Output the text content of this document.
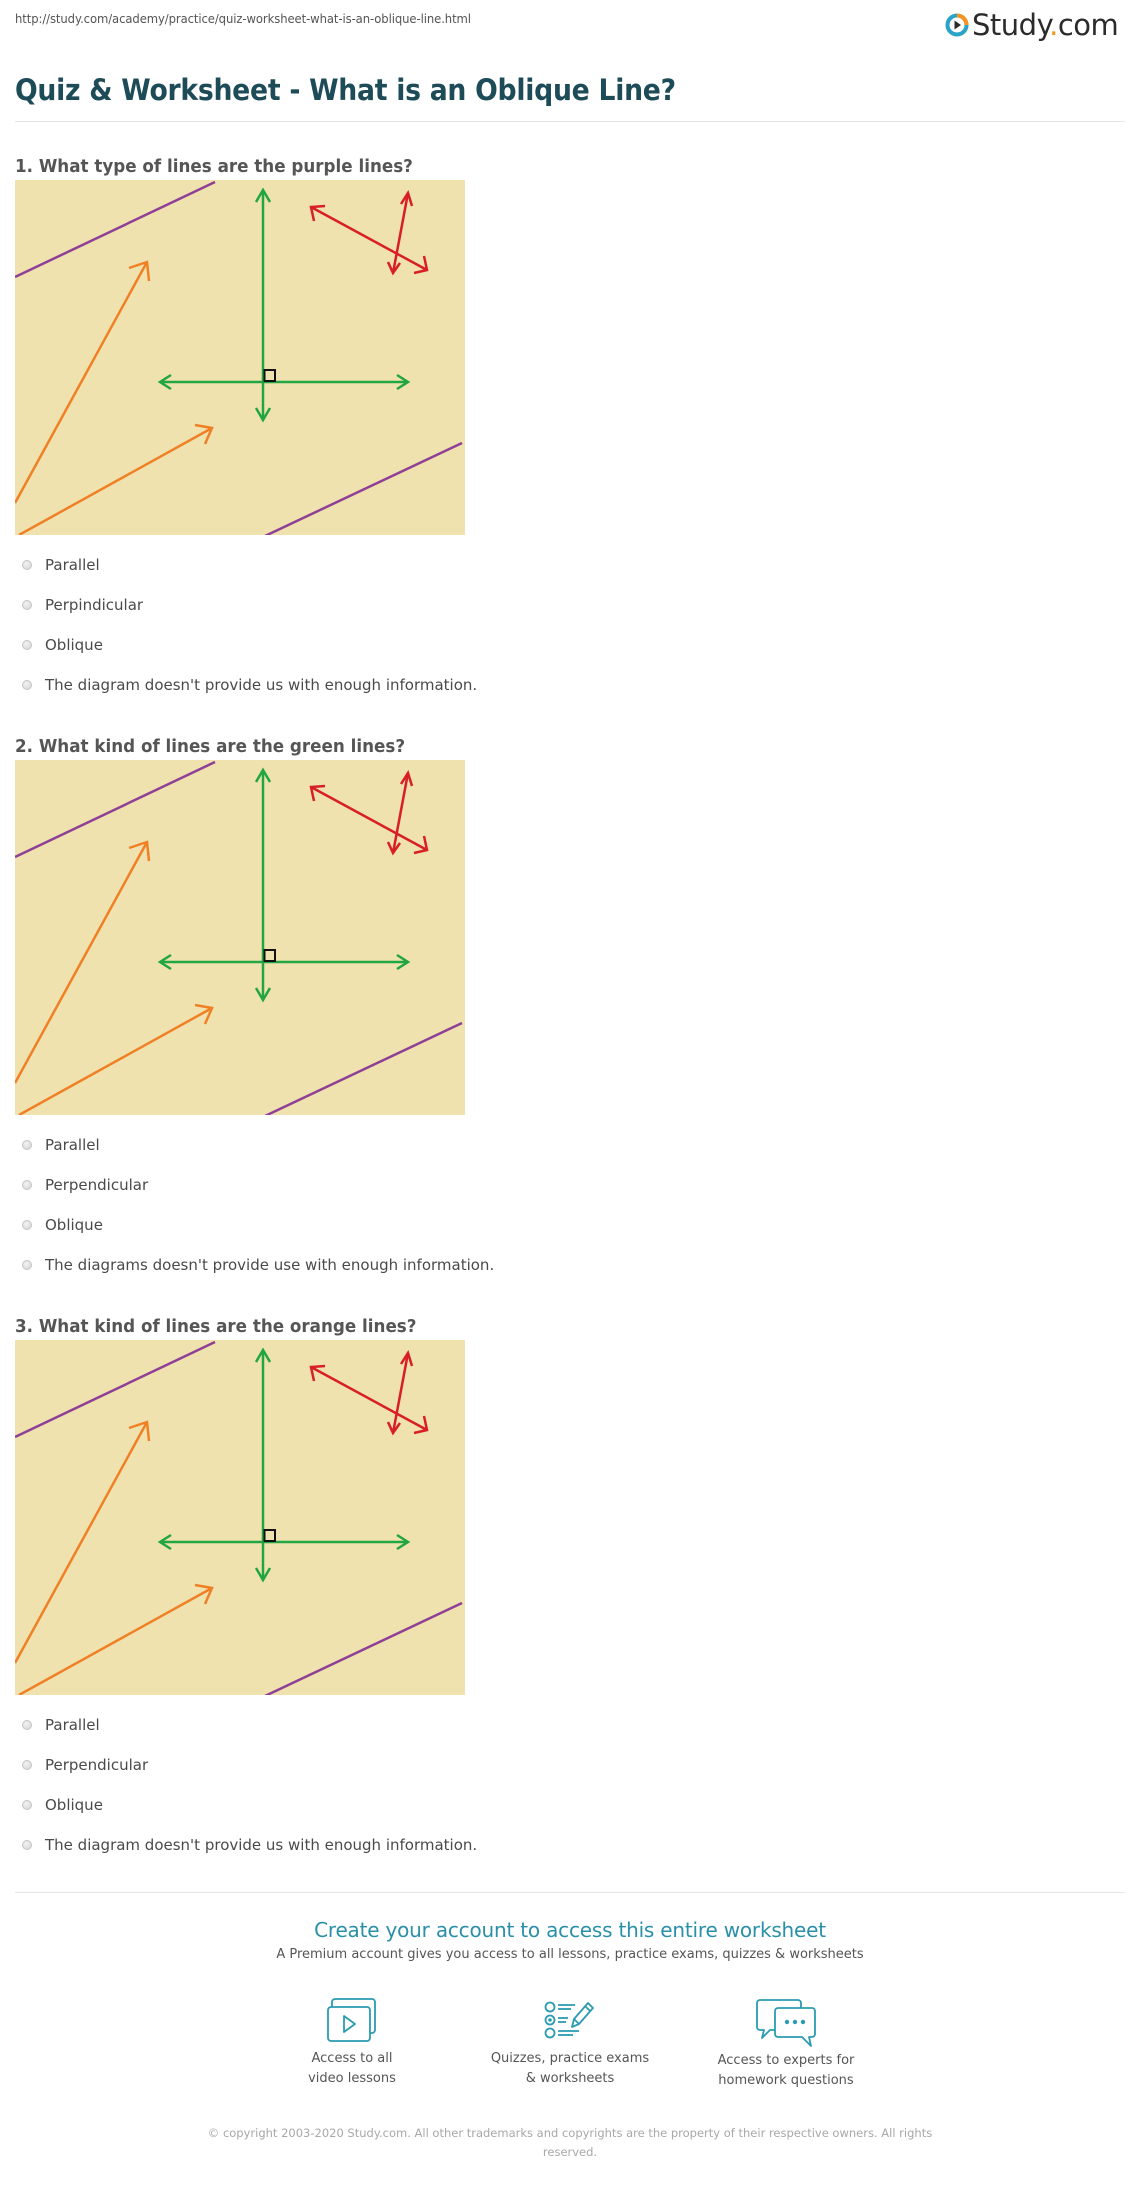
http://study.com/academy/practice/quiz-worksheet-what-is-an-oblique-line.html	Study.com
Quiz & Worksheet - What is an Oblique Line?
1. What type of lines are the purple lines?
Parallel
Perpindicular
Oblique
The diagram doesn't provide us with enough information.
2. What kind of lines are the green lines?
Parallel
Perpendicular
Oblique
The diagrams doesn't provide use with enough information.
3. What kind of lines are the orange lines?
Parallel
Perpendicular
Oblique
The diagram doesn't provide us with enough information.
Create your account to access this entire worksheet
A Premium account gives you access to all lessons, practice exams, quizzes & worksheets
Access to all
video lessons
Quizzes, practice exams
& worksheets
Access to experts for
homework questions
© copyright 2003-2020 Study.com. All other trademarks and copyrights are the property of their respective owners. All rights
reserved.
